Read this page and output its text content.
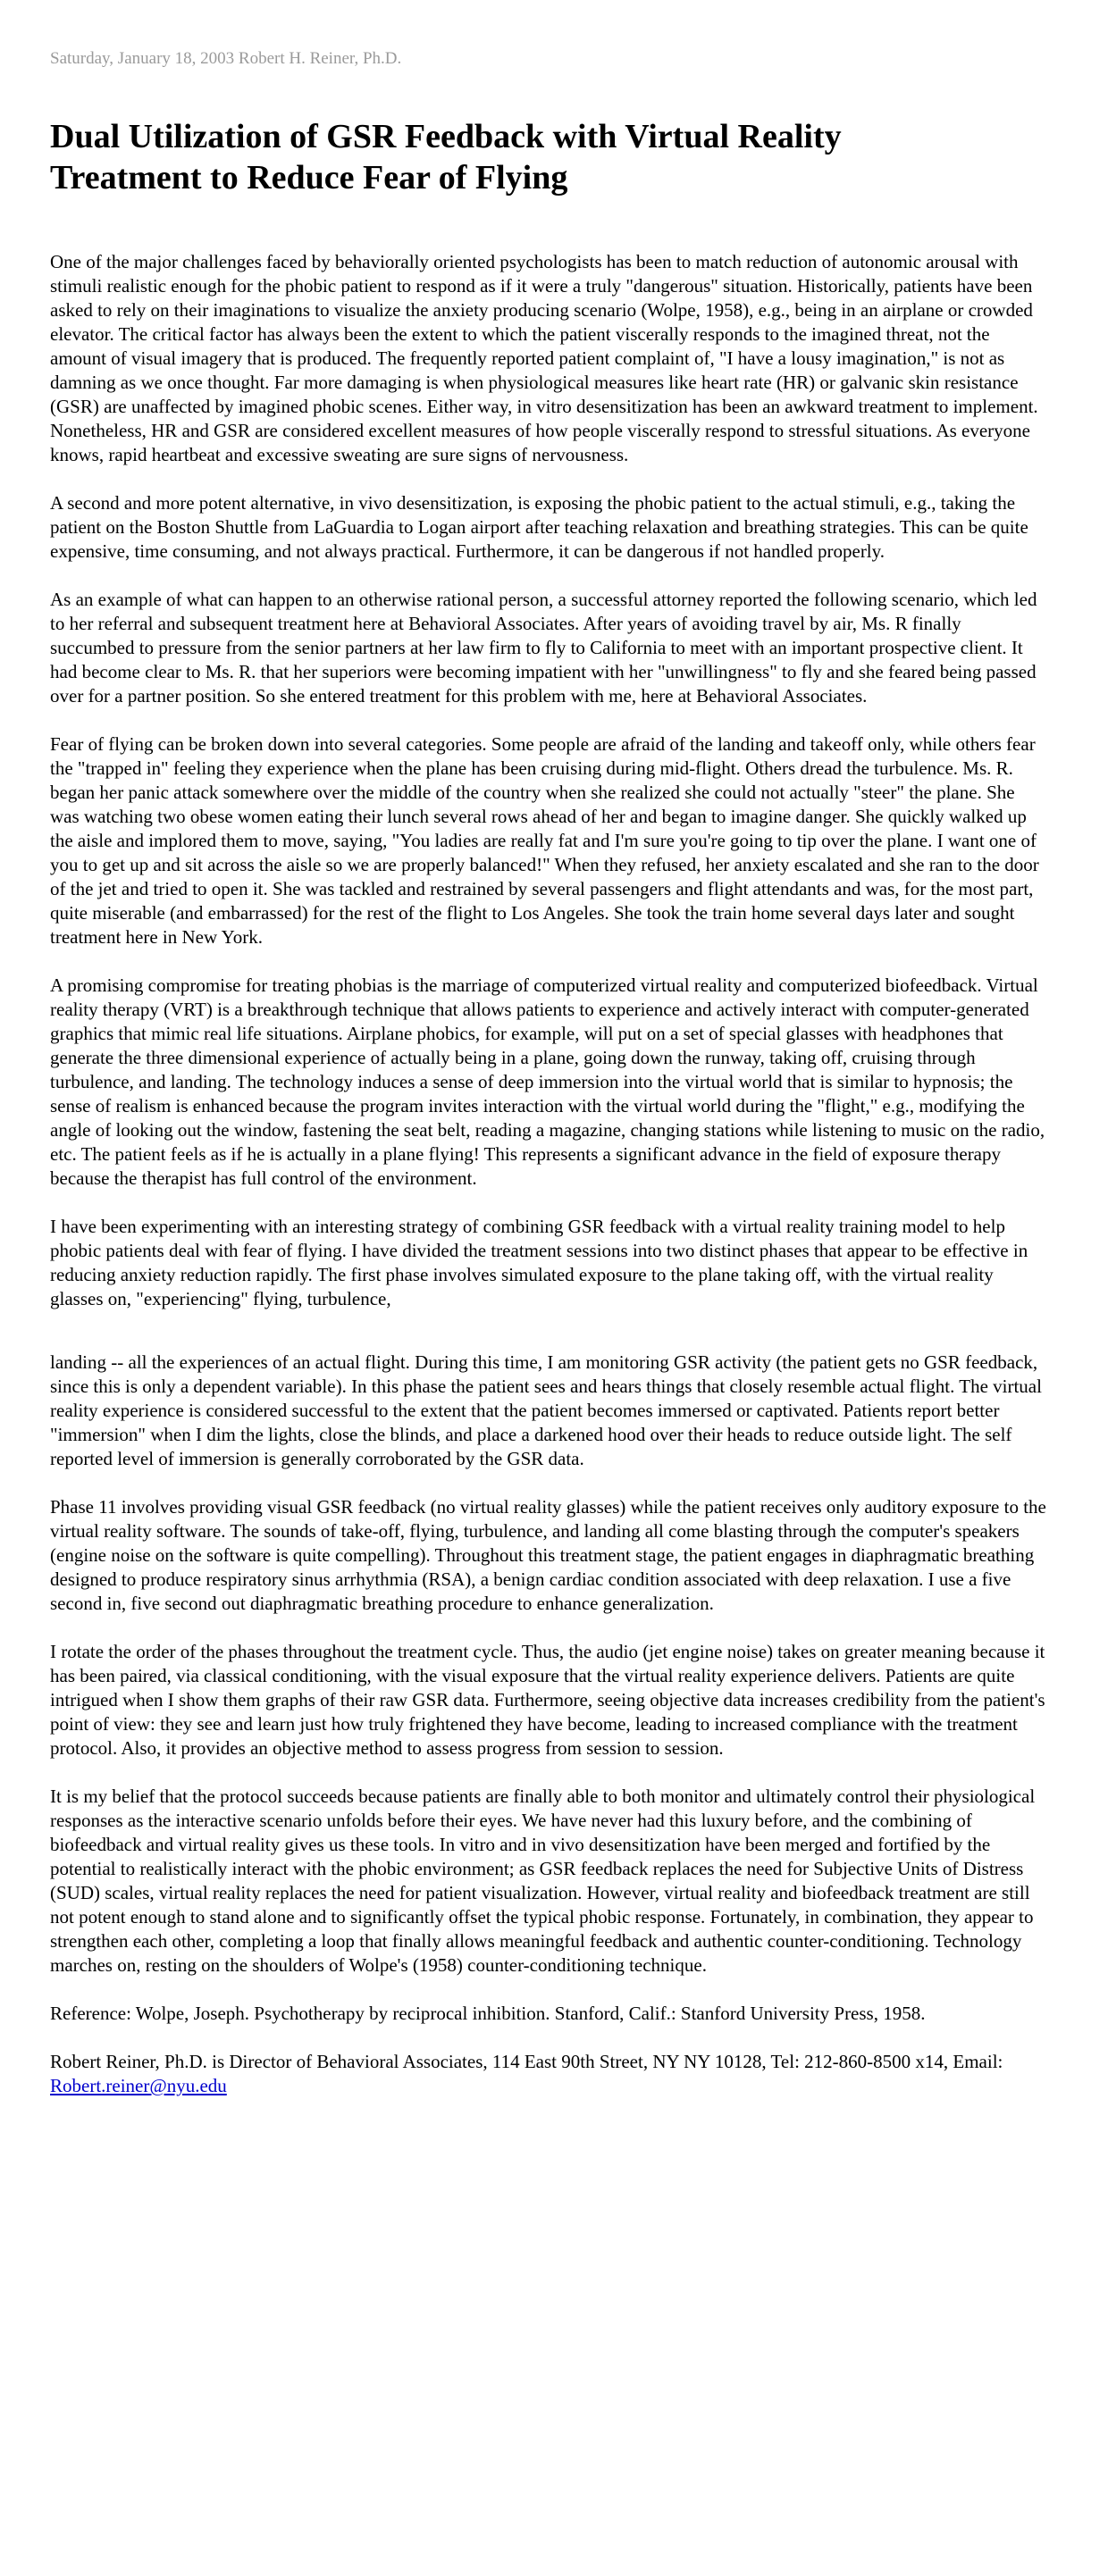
Saturday, January 18, 2003 Robert H. Reiner, Ph.D.

Dual Utilization of GSR Feedback with Virtual Reality Treatment to Reduce Fear of Flying

One of the major challenges faced by behaviorally oriented psychologists has been to match reduction of autonomic arousal with stimuli realistic enough for the phobic patient to respond as if it were a truly "dangerous" situation. Historically, patients have been asked to rely on their imaginations to visualize the anxiety producing scenario (Wolpe, 1958), e.g., being in an airplane or crowded elevator. The critical factor has always been the extent to which the patient viscerally responds to the imagined threat, not the amount of visual imagery that is produced. The frequently reported patient complaint of, "I have a lousy imagination," is not as damning as we once thought. Far more damaging is when physiological measures like heart rate (HR) or galvanic skin resistance (GSR) are unaffected by imagined phobic scenes. Either way, in vitro desensitization has been an awkward treatment to implement. Nonetheless, HR and GSR are considered excellent measures of how people viscerally respond to stressful situations. As everyone knows, rapid heartbeat and excessive sweating are sure signs of nervousness.

A second and more potent alternative, in vivo desensitization, is exposing the phobic patient to the actual stimuli, e.g., taking the patient on the Boston Shuttle from LaGuardia to Logan airport after teaching relaxation and breathing strategies. This can be quite expensive, time consuming, and not always practical. Furthermore, it can be dangerous if not handled properly.

As an example of what can happen to an otherwise rational person, a successful attorney reported the following scenario, which led to her referral and subsequent treatment here at Behavioral Associates. After years of avoiding travel by air, Ms. R finally succumbed to pressure from the senior partners at her law firm to fly to California to meet with an important prospective client. It had become clear to Ms. R. that her superiors were becoming impatient with her "unwillingness" to fly and she feared being passed over for a partner position. So she entered treatment for this problem with me, here at Behavioral Associates.

Fear of flying can be broken down into several categories. Some people are afraid of the landing and takeoff only, while others fear the "trapped in" feeling they experience when the plane has been cruising during mid-flight. Others dread the turbulence. Ms. R. began her panic attack somewhere over the middle of the country when she realized she could not actually "steer" the plane. She was watching two obese women eating their lunch several rows ahead of her and began to imagine danger. She quickly walked up the aisle and implored them to move, saying, "You ladies are really fat and I'm sure you're going to tip over the plane. I want one of you to get up and sit across the aisle so we are properly balanced!" When they refused, her anxiety escalated and she ran to the door of the jet and tried to open it. She was tackled and restrained by several passengers and flight attendants and was, for the most part, quite miserable (and embarrassed) for the rest of the flight to Los Angeles. She took the train home several days later and sought treatment here in New York.

A promising compromise for treating phobias is the marriage of computerized virtual reality and computerized biofeedback. Virtual reality therapy (VRT) is a breakthrough technique that allows patients to experience and actively interact with computer-generated graphics that mimic real life situations. Airplane phobics, for example, will put on a set of special glasses with headphones that generate the three dimensional experience of actually being in a plane, going down the runway, taking off, cruising through turbulence, and landing. The technology induces a sense of deep immersion into the virtual world that is similar to hypnosis; the sense of realism is enhanced because the program invites interaction with the virtual world during the "flight," e.g., modifying the angle of looking out the window, fastening the seat belt, reading a magazine, changing stations while listening to music on the radio, etc. The patient feels as if he is actually in a plane flying! This represents a significant advance in the field of exposure therapy because the therapist has full control of the environment.

I have been experimenting with an interesting strategy of combining GSR feedback with a virtual reality training model to help phobic patients deal with fear of flying. I have divided the treatment sessions into two distinct phases that appear to be effective in reducing anxiety reduction rapidly. The first phase involves simulated exposure to the plane taking off, with the virtual reality glasses on, "experiencing" flying, turbulence,

landing -- all the experiences of an actual flight. During this time, I am monitoring GSR activity (the patient gets no GSR feedback, since this is only a dependent variable). In this phase the patient sees and hears things that closely resemble actual flight. The virtual reality experience is considered successful to the extent that the patient becomes immersed or captivated. Patients report better "immersion" when I dim the lights, close the blinds, and place a darkened hood over their heads to reduce outside light. The self reported level of immersion is generally corroborated by the GSR data.

Phase 11 involves providing visual GSR feedback (no virtual reality glasses) while the patient receives only auditory exposure to the virtual reality software. The sounds of take-off, flying, turbulence, and landing all come blasting through the computer's speakers (engine noise on the software is quite compelling). Throughout this treatment stage, the patient engages in diaphragmatic breathing designed to produce respiratory sinus arrhythmia (RSA), a benign cardiac condition associated with deep relaxation. I use a five second in, five second out diaphragmatic breathing procedure to enhance generalization.

I rotate the order of the phases throughout the treatment cycle. Thus, the audio (jet engine noise) takes on greater meaning because it has been paired, via classical conditioning, with the visual exposure that the virtual reality experience delivers. Patients are quite intrigued when I show them graphs of their raw GSR data. Furthermore, seeing objective data increases credibility from the patient's point of view: they see and learn just how truly frightened they have become, leading to increased compliance with the treatment protocol. Also, it provides an objective method to assess progress from session to session.

It is my belief that the protocol succeeds because patients are finally able to both monitor and ultimately control their physiological responses as the interactive scenario unfolds before their eyes. We have never had this luxury before, and the combining of biofeedback and virtual reality gives us these tools. In vitro and in vivo desensitization have been merged and fortified by the potential to realistically interact with the phobic environment; as GSR feedback replaces the need for Subjective Units of Distress (SUD) scales, virtual reality replaces the need for patient visualization. However, virtual reality and biofeedback treatment are still not potent enough to stand alone and to significantly offset the typical phobic response. Fortunately, in combination, they appear to strengthen each other, completing a loop that finally allows meaningful feedback and authentic counter-conditioning. Technology marches on, resting on the shoulders of Wolpe's (1958) counter-conditioning technique.

Reference: Wolpe, Joseph. Psychotherapy by reciprocal inhibition. Stanford, Calif.: Stanford University Press, 1958.

Robert Reiner, Ph.D. is Director of Behavioral Associates, 114 East 90th Street, NY NY 10128, Tel: 212-860-8500 x14, Email: Robert.reiner@nyu.edu
